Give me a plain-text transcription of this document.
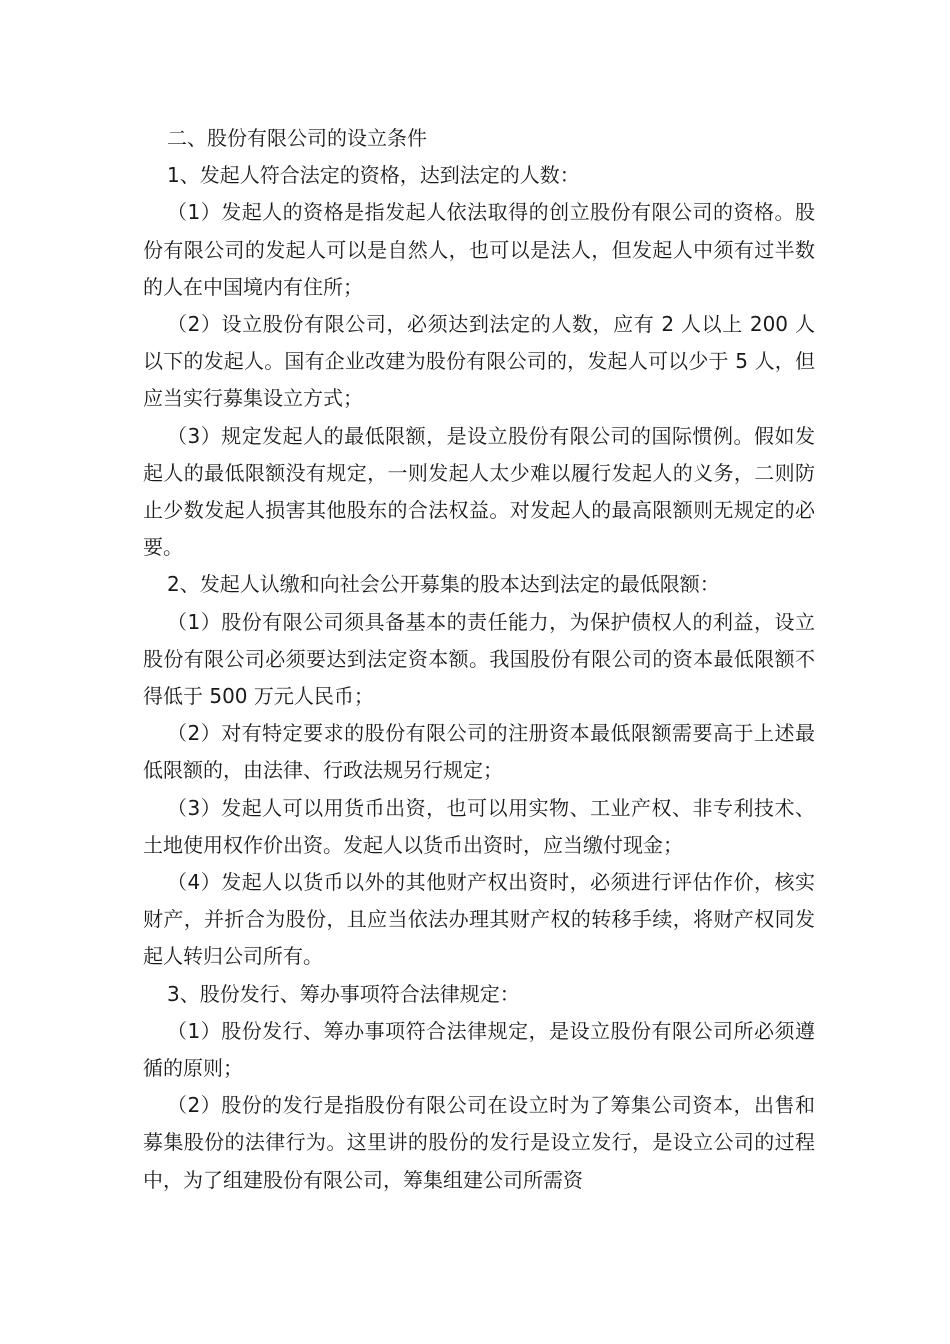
二、股份有限公司的设立条件

1、发起人符合法定的资格，达到法定的人数：

（1）发起人的资格是指发起人依法取得的创立股份有限公司的资格。股份有限公司的发起人可以是自然人，也可以是法人，但发起人中须有过半数的人在中国境内有住所；

（2）设立股份有限公司，必须达到法定的人数，应有 2 人以上 200 人以下的发起人。国有企业改建为股份有限公司的，发起人可以少于 5 人，但应当实行募集设立方式；

（3）规定发起人的最低限额，是设立股份有限公司的国际惯例。假如发起人的最低限额没有规定，一则发起人太少难以履行发起人的义务，二则防止少数发起人损害其他股东的合法权益。对发起人的最高限额则无规定的必要。

2、发起人认缴和向社会公开募集的股本达到法定的最低限额：

（1）股份有限公司须具备基本的责任能力，为保护债权人的利益，设立股份有限公司必须要达到法定资本额。我国股份有限公司的资本最低限额不得低于 500 万元人民币；

（2）对有特定要求的股份有限公司的注册资本最低限额需要高于上述最低限额的，由法律、行政法规另行规定；

（3）发起人可以用货币出资，也可以用实物、工业产权、非专利技术、土地使用权作价出资。发起人以货币出资时，应当缴付现金；

（4）发起人以货币以外的其他财产权出资时，必须进行评估作价，核实财产，并折合为股份，且应当依法办理其财产权的转移手续，将财产权同发起人转归公司所有。

3、股份发行、筹办事项符合法律规定：

（1）股份发行、筹办事项符合法律规定，是设立股份有限公司所必须遵循的原则；

（2）股份的发行是指股份有限公司在设立时为了筹集公司资本，出售和募集股份的法律行为。这里讲的股份的发行是设立发行，是设立公司的过程中，为了组建股份有限公司，筹集组建公司所需资
